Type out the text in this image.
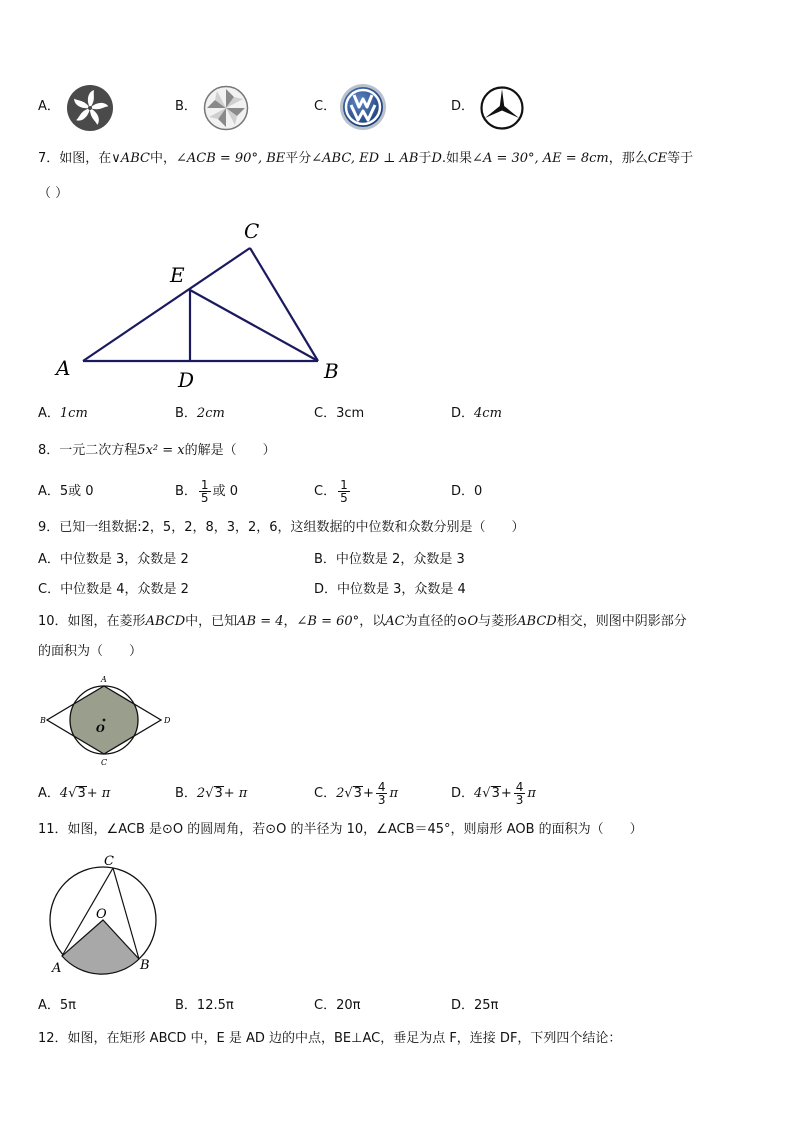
A．	B．	C．	D．
7．如图，在∨ABC中，∠ACB = 90°, BE平分∠ABC, ED ⊥ AB于D.如果∠A = 30°, AE = 8cm，那么CE等于
（ ）
C
E
A	D	B
A．1cm	B．2cm	C．3cm	D．4cm
8．一元二次方程5x² = x的解是（　　）
A．5或 0	B． $\frac{1}{5}$ 或 0	C． $\frac{1}{5}$	D．0
9．已知一组数据:2，5，2，8，3，2，6，这组数据的中位数和众数分别是（　　）
A．中位数是 3，众数是 2	B．中位数是 2，众数是 3
C．中位数是 4，众数是 2	D．中位数是 3，众数是 4
10．如图，在菱形ABCD中，已知AB = 4，∠B = 60°，以AC为直径的⊙O与菱形ABCD相交，则图中阴影部分
的面积为（　　）
A
B
C
D
O
A．4√3+ π	B．2√3+ π	C．$2√3+ \frac{4}{3}$ π	D．$4√3+ \frac{4}{3}$ π
11．如图，∠ACB 是⊙O 的圆周角，若⊙O 的半径为 10，∠ACB＝45°，则扇形 AOB 的面积为（　　）
C
O
A	B
A．5π	B．12.5π	C．20π	D．25π
12．如图，在矩形 ABCD 中，E 是 AD 边的中点，BE⊥AC，垂足为点 F，连接 DF，下列四个结论：
